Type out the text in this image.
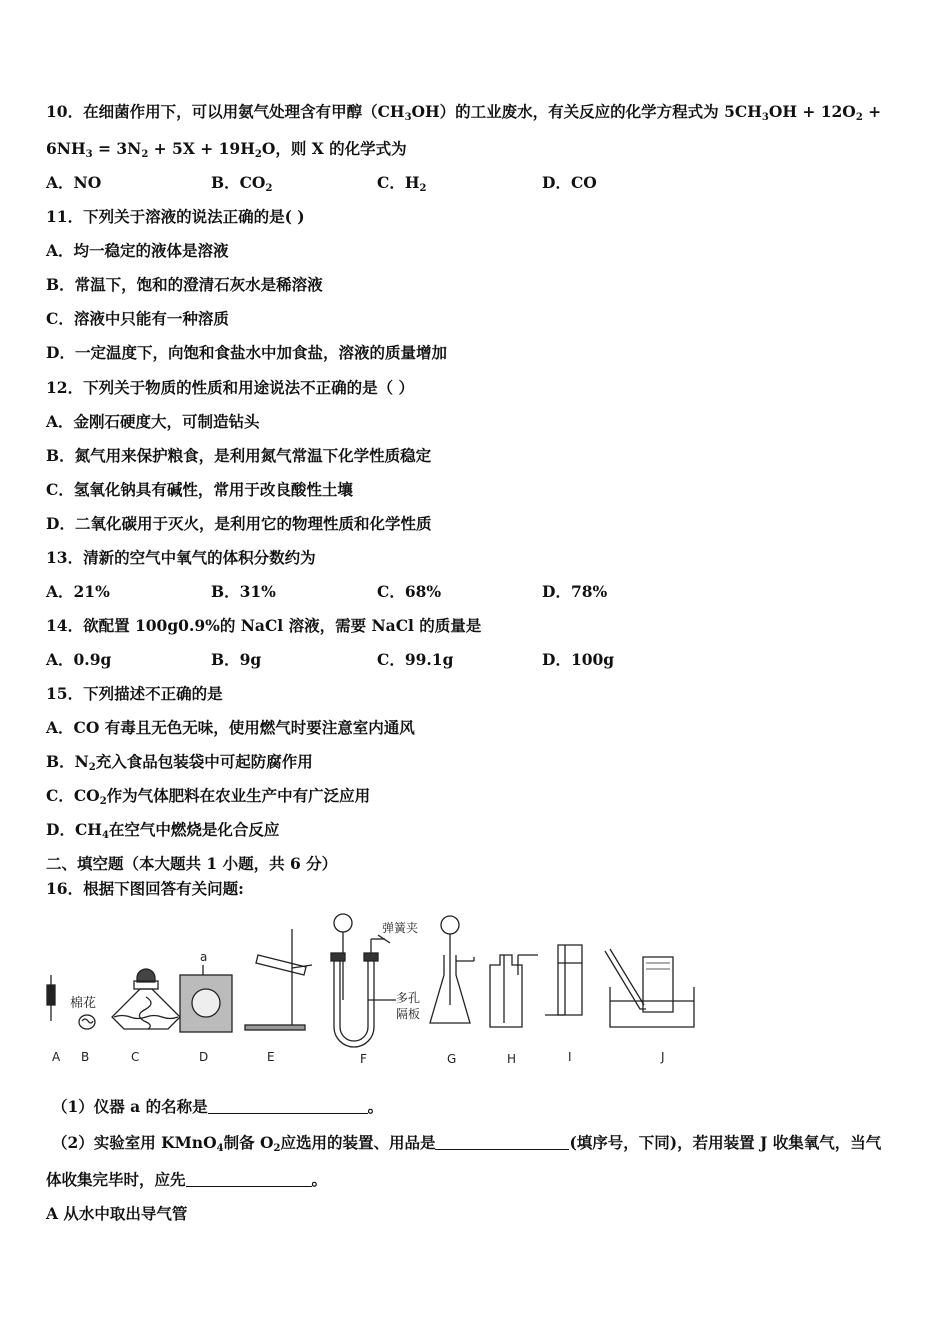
10．在细菌作用下，可以用氨气处理含有甲醇$(CH_3OH)$的工业废水，有关反应的化学方程式为 $5CH_3OH + 12O_2$ +
$6NH_3 = 3N_2 + 5X + 19H_2O$，则 X 的化学式为
A．NO	B．$CO_2$	C．$H_2$	D．CO
11．下列关于溶液的说法正确的是( )
A．均一稳定的液体是溶液
B．常温下，饱和的澄清石灰水是稀溶液
C．溶液中只能有一种溶质
D．一定温度下，向饱和食盐水中加食盐，溶液的质量增加
12．下列关于物质的性质和用途说法不正确的是（ ）
A．金刚石硬度大，可制造钻头
B．氮气用来保护粮食，是利用氮气常温下化学性质稳定
C．氢氧化钠具有碱性，常用于改良酸性土壤
D．二氧化碳用于灭火，是利用它的物理性质和化学性质
13．清新的空气中氧气的体积分数约为
A．21%	B．31%	C．68%	D．78%
14．欲配置 100g0.9%的 NaCl 溶液，需要 NaCl 的质量是
A．0.9g	B．9g	C．99.1g	D．100g
15．下列描述不正确的是
A．CO 有毒且无色无味，使用燃气时要注意室内通风
B．$N_2$充入食品包装袋中可起防腐作用
C．$CO_2$作为气体肥料在农业生产中有广泛应用
D．$CH_4$在空气中燃烧是化合反应
二、填空题（本大题共 1 小题，共 6 分）
16．根据下图回答有关问题:
棉花
a
弹簧夹
多孔
隔板
A B	C	D	E	F	G	H	I	J
（1）仪器 a 的名称是	。
（2）实验室用 KMnO$_4$制备 $O_2$应选用的装置、用品是	(填序号，下同)，若用装置 J 收集氧气，当气
体收集完毕时，应先	。
A 从水中取出导气管
